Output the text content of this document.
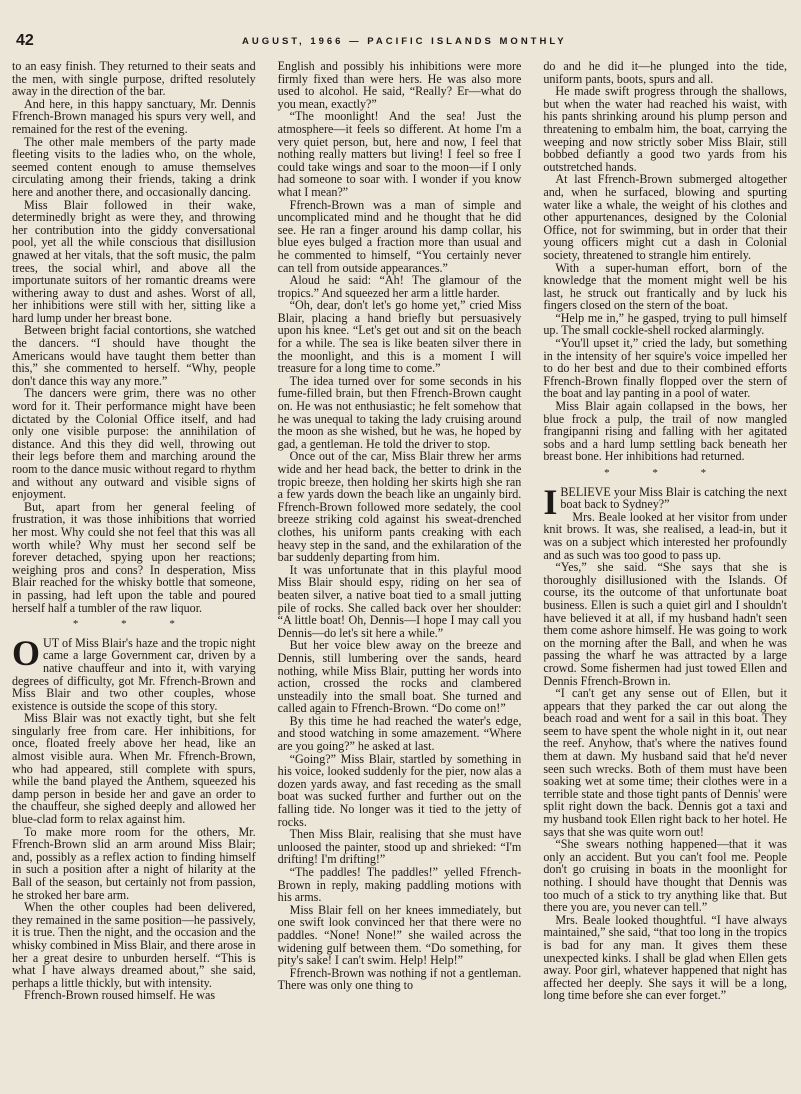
42	AUGUST, 1966 — PACIFIC ISLANDS MONTHLY

to an easy finish. They returned to their seats and the men, with single purpose, drifted resolutely away in the direction of the bar.

And here, in this happy sanctuary, Mr. Dennis Ffrench-Brown managed his spurs very well, and remained for the rest of the evening.

The other male members of the party made fleeting visits to the ladies who, on the whole, seemed content enough to amuse themselves circulating among their friends, taking a drink here and another there, and occasionally dancing.

Miss Blair followed in their wake, determinedly bright as were they, and throwing her contribution into the giddy conversational pool, yet all the while conscious that disillusion gnawed at her vitals, that the soft music, the palm trees, the social whirl, and above all the importunate suitors of her romantic dreams were withering away to dust and ashes. Worst of all, her inhibitions were still with her, sitting like a hard lump under her breast bone.

Between bright facial contortions, she watched the dancers. “I should have thought the Americans would have taught them better than this,” she commented to herself. “Why, people don't dance this way any more.”

The dancers were grim, there was no other word for it. Their performance might have been dictated by the Colonial Office itself, and had only one visible purpose: the annihilation of distance. And this they did well, throwing out their legs before them and marching around the room to the dance music without regard to rhythm and without any outward and visible signs of enjoyment.

But, apart from her general feeling of frustration, it was those inhibitions that worried her most. Why could she not feel that this was all worth while? Why must her second self be forever detached, spying upon her reactions; weighing pros and cons? In desperation, Miss Blair reached for the whisky bottle that someone, in passing, had left upon the table and poured herself half a tumbler of the raw liquor.

* * *

OUT of Miss Blair's haze and the tropic night came a large Government car, driven by a native chauffeur and into it, with varying degrees of difficulty, got Mr. Ffrench-Brown and Miss Blair and two other couples, whose existence is outside the scope of this story.

Miss Blair was not exactly tight, but she felt singularly free from care. Her inhibitions, for once, floated freely above her head, like an almost visible aura. When Mr. Ffrench-Brown, who had appeared, still complete with spurs, while the band played the Anthem, squeezed his damp person in beside her and gave an order to the chauffeur, she sighed deeply and allowed her blue-clad form to relax against him.

To make more room for the others, Mr. Ffrench-Brown slid an arm around Miss Blair; and, possibly as a reflex action to finding himself in such a position after a night of hilarity at the Ball of the season, but certainly not from passion, he stroked her bare arm.

When the other couples had been delivered, they remained in the same position—he passively, it is true. Then the night, and the occasion and the whisky combined in Miss Blair, and there arose in her a great desire to unburden herself. “This is what I have always dreamed about,” she said, perhaps a little thickly, but with intensity.

Ffrench-Brown roused himself. He was

English and possibly his inhibitions were more firmly fixed than were hers. He was also more used to alcohol. He said, “Really? Er—what do you mean, exactly?”

“The moonlight! And the sea! Just the atmosphere—it feels so different. At home I'm a very quiet person, but, here and now, I feel that nothing really matters but living! I feel so free I could take wings and soar to the moon—if I only had someone to soar with. I wonder if you know what I mean?”

Ffrench-Brown was a man of simple and uncomplicated mind and he thought that he did see. He ran a finger around his damp collar, his blue eyes bulged a fraction more than usual and he commented to himself, “You certainly never can tell from outside appearances.”

Aloud he said: “Ah! The glamour of the tropics.” And squeezed her arm a little harder.

“Oh, dear, don't let's go home yet,” cried Miss Blair, placing a hand briefly but persuasively upon his knee. “Let's get out and sit on the beach for a while. The sea is like beaten silver there in the moonlight, and this is a moment I will treasure for a long time to come.”

The idea turned over for some seconds in his fume-filled brain, but then Ffrench-Brown caught on. He was not enthusiastic; he felt somehow that he was unequal to taking the lady cruising around the moon as she wished, but he was, he hoped by gad, a gentleman. He told the driver to stop.

Once out of the car, Miss Blair threw her arms wide and her head back, the better to drink in the tropic breeze, then holding her skirts high she ran a few yards down the beach like an ungainly bird. Ffrench-Brown followed more sedately, the cool breeze striking cold against his sweat-drenched clothes, his uniform pants creaking with each heavy step in the sand, and the exhilaration of the bar suddenly departing from him.

It was unfortunate that in this playful mood Miss Blair should espy, riding on her sea of beaten silver, a native boat tied to a small jutting pile of rocks. She called back over her shoulder: “A little boat! Oh, Dennis—I hope I may call you Dennis—do let's sit here a while.”

But her voice blew away on the breeze and Dennis, still lumbering over the sands, heard nothing, while Miss Blair, putting her words into action, crossed the rocks and clambered unsteadily into the small boat. She turned and called again to Ffrench-Brown. “Do come on!”

By this time he had reached the water's edge, and stood watching in some amazement. “Where are you going?” he asked at last.

“Going?” Miss Blair, startled by something in his voice, looked suddenly for the pier, now alas a dozen yards away, and fast receding as the small boat was sucked further and further out on the falling tide. No longer was it tied to the jetty of rocks.

Then Miss Blair, realising that she must have unloosed the painter, stood up and shrieked: “I'm drifting! I'm drifting!”

“The paddles! The paddles!” yelled Ffrench-Brown in reply, making paddling motions with his arms.

Miss Blair fell on her knees immediately, but one swift look convinced her that there were no paddles. “None! None!” she wailed across the widening gulf between them. “Do something, for pity's sake! I can't swim. Help! Help!”

Ffrench-Brown was nothing if not a gentleman. There was only one thing to

do and he did it—he plunged into the tide, uniform pants, boots, spurs and all.

He made swift progress through the shallows, but when the water had reached his waist, with his pants shrinking around his plump person and threatening to embalm him, the boat, carrying the weeping and now strictly sober Miss Blair, still bobbed defiantly a good two yards from his outstretched hands.

At last Ffrench-Brown submerged altogether and, when he surfaced, blowing and spurting water like a whale, the weight of his clothes and other appurtenances, designed by the Colonial Office, not for swimming, but in order that their young officers might cut a dash in Colonial society, threatened to strangle him entirely.

With a super-human effort, born of the knowledge that the moment might well be his last, he struck out frantically and by luck his fingers closed on the stern of the boat.

“Help me in,” he gasped, trying to pull himself up. The small cockle-shell rocked alarmingly.

“You'll upset it,” cried the lady, but something in the intensity of her squire's voice impelled her to do her best and due to their combined efforts Ffrench-Brown finally flopped over the stern of the boat and lay panting in a pool of water.

Miss Blair again collapsed in the bows, her blue frock a pulp, the trail of now mangled frangipanni rising and falling with her agitated sobs and a hard lump settling back beneath her breast bone. Her inhibitions had returned.

* * *

IBELIEVE your Miss Blair is catching the next boat back to Sydney?”

Mrs. Beale looked at her visitor from under knit brows. It was, she realised, a lead-in, but it was on a subject which interested her profoundly and as such was too good to pass up.

“Yes,” she said. “She says that she is thoroughly disillusioned with the Islands. Of course, its the outcome of that unfortunate boat business. Ellen is such a quiet girl and I shouldn't have believed it at all, if my husband hadn't seen them come ashore himself. He was going to work on the morning after the Ball, and when he was passing the wharf he was attracted by a large crowd. Some fishermen had just towed Ellen and Dennis Ffrench-Brown in.

“I can't get any sense out of Ellen, but it appears that they parked the car out along the beach road and went for a sail in this boat. They seem to have spent the whole night in it, out near the reef. Anyhow, that's where the natives found them at dawn. My husband said that he'd never seen such wrecks. Both of them must have been soaking wet at some time; their clothes were in a terrible state and those tight pants of Dennis' were split right down the back. Dennis got a taxi and my husband took Ellen right back to her hotel. He says that she was quite worn out!

“She swears nothing happened—that it was only an accident. But you can't fool me. People don't go cruising in boats in the moonlight for nothing. I should have thought that Dennis was too much of a stick to try anything like that. But there you are, you never can tell.”

Mrs. Beale looked thoughtful. “I have always maintained,” she said, “that too long in the tropics is bad for any man. It gives them these unexpected kinks. I shall be glad when Ellen gets away. Poor girl, whatever happened that night has affected her deeply. She says it will be a long, long time before she can ever forget.”
